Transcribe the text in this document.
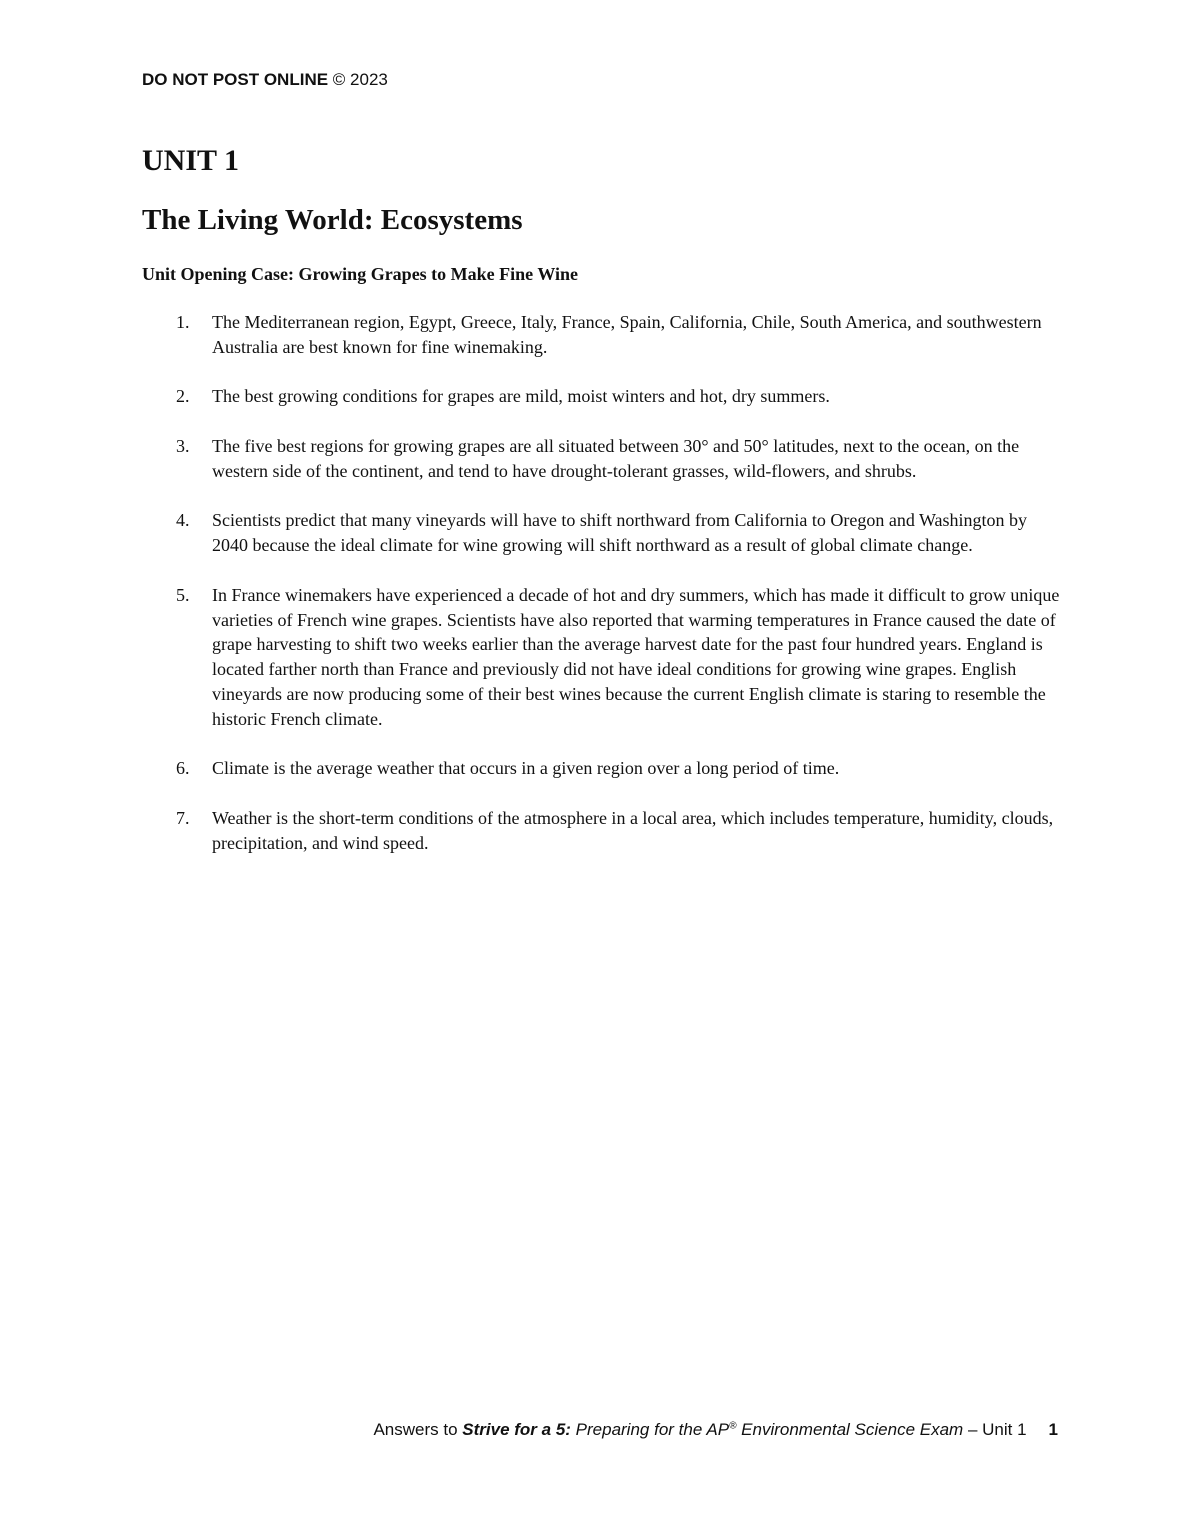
DO NOT POST ONLINE © 2023
UNIT 1
The Living World: Ecosystems
Unit Opening Case: Growing Grapes to Make Fine Wine
1. The Mediterranean region, Egypt, Greece, Italy, France, Spain, California, Chile, South America, and southwestern Australia are best known for fine winemaking.
2. The best growing conditions for grapes are mild, moist winters and hot, dry summers.
3. The five best regions for growing grapes are all situated between 30° and 50° latitudes, next to the ocean, on the western side of the continent, and tend to have drought-tolerant grasses, wild-flowers, and shrubs.
4. Scientists predict that many vineyards will have to shift northward from California to Oregon and Washington by 2040 because the ideal climate for wine growing will shift northward as a result of global climate change.
5. In France winemakers have experienced a decade of hot and dry summers, which has made it difficult to grow unique varieties of French wine grapes. Scientists have also reported that warming temperatures in France caused the date of grape harvesting to shift two weeks earlier than the average harvest date for the past four hundred years. England is located farther north than France and previously did not have ideal conditions for growing wine grapes. English vineyards are now producing some of their best wines because the current English climate is staring to resemble the historic French climate.
6. Climate is the average weather that occurs in a given region over a long period of time.
7. Weather is the short-term conditions of the atmosphere in a local area, which includes temperature, humidity, clouds, precipitation, and wind speed.
Answers to Strive for a 5: Preparing for the AP® Environmental Science Exam – Unit 1 1
